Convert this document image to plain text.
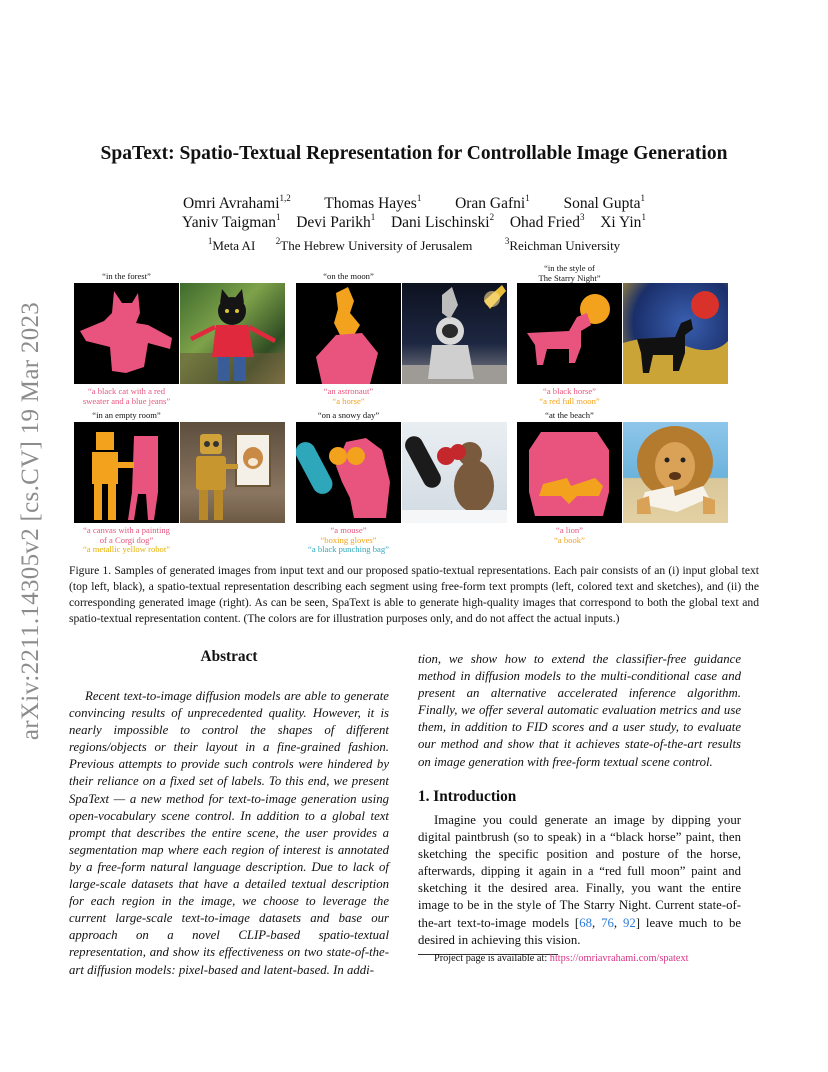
arXiv:2211.14305v2 [cs.CV] 19 Mar 2023
SpaText: Spatio-Textual Representation for Controllable Image Generation
Omri Avrahami$^{1,2}$ Thomas Hayes$^1$ Oran Gafni$^1$ Sonal Gupta$^1$
Yaniv Taigman$^1$ Devi Parikh$^1$ Dani Lischinski$^2$ Ohad Fried$^3$ Xi Yin$^1$
$^1$Meta AI $^2$The Hebrew University of Jerusalem	$^3$Reichman University
“in the forest”	“on the moon”
“in the style of
The Starry Night”
“a black cat with a red
sweater and a blue jeans”
“an astronaut”
“a horse”
“a black horse”
“a red full moon”
“in an empty room”	“on a snowy day”	“at the beach”
“a canvas with a painting
of a Corgi dog”
“a metallic yellow robot”
“a mouse”
“boxing gloves”
“a black punching bag”
“a lion”
“a book”
Figure 1. Samples of generated images from input text and our proposed spatio-textual representations. Each pair consists of an (i) input global text (top left, black), a spatio-textual representation describing each segment using free-form text prompts (left, colored text and sketches), and (ii) the corresponding generated image (right). As can be seen, SpaText is able to generate high-quality images that correspond to both the global text and spatio-textual representation content. (The colors are for illustration purposes only, and do not affect the actual inputs.)
Abstract
Recent text-to-image diffusion models are able to generate convincing results of unprecedented quality. However, it is nearly impossible to control the shapes of different regions/objects or their layout in a fine-grained fashion. Previous attempts to provide such controls were hindered by their reliance on a fixed set of labels. To this end, we present SpaText — a new method for text-to-image generation using open-vocabulary scene control. In addition to a global text prompt that describes the entire scene, the user provides a segmentation map where each region of interest is annotated by a free-form natural language description. Due to lack of large-scale datasets that have a detailed textual description for each region in the image, we choose to leverage the current large-scale text-to-image datasets and base our approach on a novel CLIP-based spatio-textual representation, and show its effectiveness on two state-of-the-art diffusion models: pixel-based and latent-based. In addi-
tion, we show how to extend the classifier-free guidance method in diffusion models to the multi-conditional case and present an alternative accelerated inference algorithm. Finally, we offer several automatic evaluation metrics and use them, in addition to FID scores and a user study, to evaluate our method and show that it achieves state-of-the-art results on image generation with free-form textual scene control.
1. Introduction
Imagine you could generate an image by dipping your digital paintbrush (so to speak) in a “black horse” paint, then sketching the specific position and posture of the horse, afterwards, dipping it again in a “red full moon” paint and sketching it the desired area. Finally, you want the entire image to be in the style of The Starry Night. Current state-of-the-art text-to-image models [68, 76, 92] leave much to be desired in achieving this vision.
Project page is available at: https://omriavrahami.com/spatext
